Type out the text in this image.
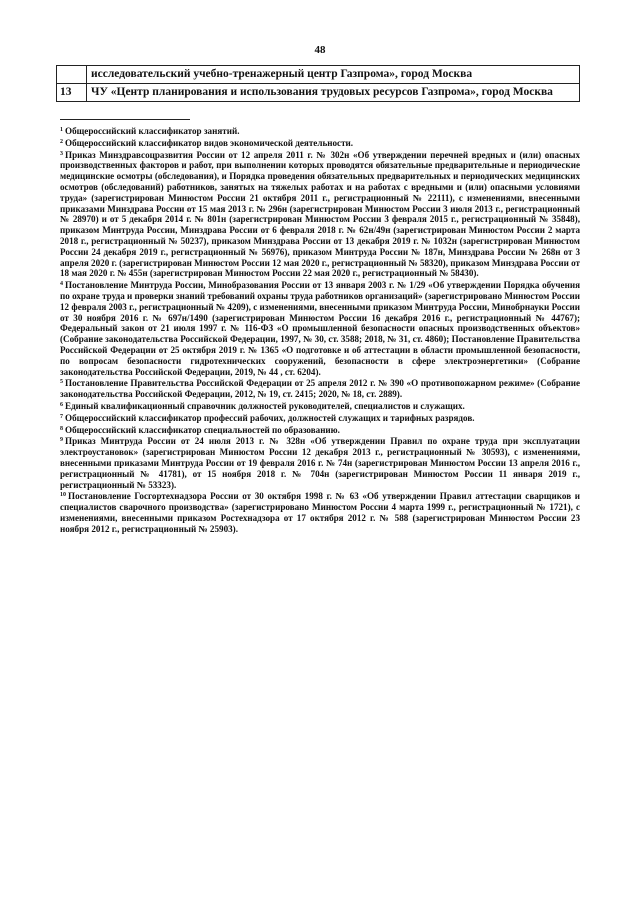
48
	исследовательский учебно-тренажерный центр Газпрома», город Москва
13	ЧУ «Центр планирования и использования трудовых ресурсов Газпрома», город Москва

$^1$ Общероссийский классификатор занятий.

$^2$ Общероссийский классификатор видов экономической деятельности.

$^3$ Приказ Минздравсоцразвития России от 12 апреля 2011 г. № 302н «Об утверждении перечней вредных и (или) опасных производственных факторов и работ, при выполнении которых проводятся обязательные предварительные и периодические медицинские осмотры (обследования), и Порядка проведения обязательных предварительных и периодических медицинских осмотров (обследований) работников, занятых на тяжелых работах и на работах с вредными и (или) опасными условиями труда» (зарегистрирован Минюстом России 21 октября 2011 г., регистрационный № 22111), с изменениями, внесенными приказами Минздрава России от 15 мая 2013 г. № 296н (зарегистрирован Минюстом России 3 июля 2013 г., регистрационный № 28970) и от 5 декабря 2014 г. № 801н (зарегистрирован Минюстом России 3 февраля 2015 г., регистрационный № 35848), приказом Минтруда России, Минздрава России от 6 февраля 2018 г. № 62н/49н (зарегистрирован Минюстом России 2 марта 2018 г., регистрационный № 50237), приказом Минздрава России от 13 декабря 2019 г. № 1032н (зарегистрирован Минюстом России 24 декабря 2019 г., регистрационный № 56976), приказом Минтруда России № 187н, Минздрава России № 268н от 3 апреля 2020 г. (зарегистрирован Минюстом России 12 мая 2020 г., регистрационный № 58320), приказом Минздрава России от 18 мая 2020 г. № 455н (зарегистрирован Минюстом России 22 мая 2020 г., регистрационный № 58430).

$^4$ Постановление Минтруда России, Минобразования России от 13 января 2003 г. № 1/29 «Об утверждении Порядка обучения по охране труда и проверки знаний требований охраны труда работников организаций» (зарегистрировано Минюстом России 12 февраля 2003 г., регистрационный № 4209), с изменениями, внесенными приказом Минтруда России, Минобрнауки России от 30 ноября 2016 г. № 697н/1490 (зарегистрирован Минюстом России 16 декабря 2016 г., регистрационный № 44767); Федеральный закон от 21 июля 1997 г. № 116-ФЗ «О промышленной безопасности опасных производственных объектов» (Собрание законодательства Российской Федерации, 1997, № 30, ст. 3588; 2018, № 31, ст. 4860); Постановление Правительства Российской Федерации от 25 октября 2019 г. № 1365 «О подготовке и об аттестации в области промышленной безопасности, по вопросам безопасности гидротехнических сооружений, безопасности в сфере электроэнергетики» (Собрание законодательства Российской Федерации, 2019, № 44 , ст. 6204).

$^5$ Постановление Правительства Российской Федерации от 25 апреля 2012 г. № 390 «О противопожарном режиме» (Собрание законодательства Российской Федерации, 2012, № 19, ст. 2415; 2020, № 18, ст. 2889).

$^6$ Единый квалификационный справочник должностей руководителей, специалистов и служащих.

$^7$ Общероссийский классификатор профессий рабочих, должностей служащих и тарифных разрядов.

$^8$ Общероссийский классификатор специальностей по образованию.

$^9$ Приказ Минтруда России от 24 июля 2013 г. № 328н «Об утверждении Правил по охране труда при эксплуатации электроустановок» (зарегистрирован Минюстом России 12 декабря 2013 г., регистрационный № 30593), с изменениями, внесенными приказами Минтруда России от 19 февраля 2016 г. № 74н (зарегистрирован Минюстом России 13 апреля 2016 г., регистрационный № 41781), от 15 ноября 2018 г. № 704н (зарегистрирован Минюстом России 11 января 2019 г., регистрационный № 53323).

$^{10}$ Постановление Госгортехнадзора России от 30 октября 1998 г. № 63 «Об утверждении Правил аттестации сварщиков и специалистов сварочного производства» (зарегистрировано Минюстом России 4 марта 1999 г., регистрационный № 1721), с изменениями, внесенными приказом Ростехнадзора от 17 октября 2012 г. № 588 (зарегистрирован Минюстом России 23 ноября 2012 г., регистрационный № 25903).
